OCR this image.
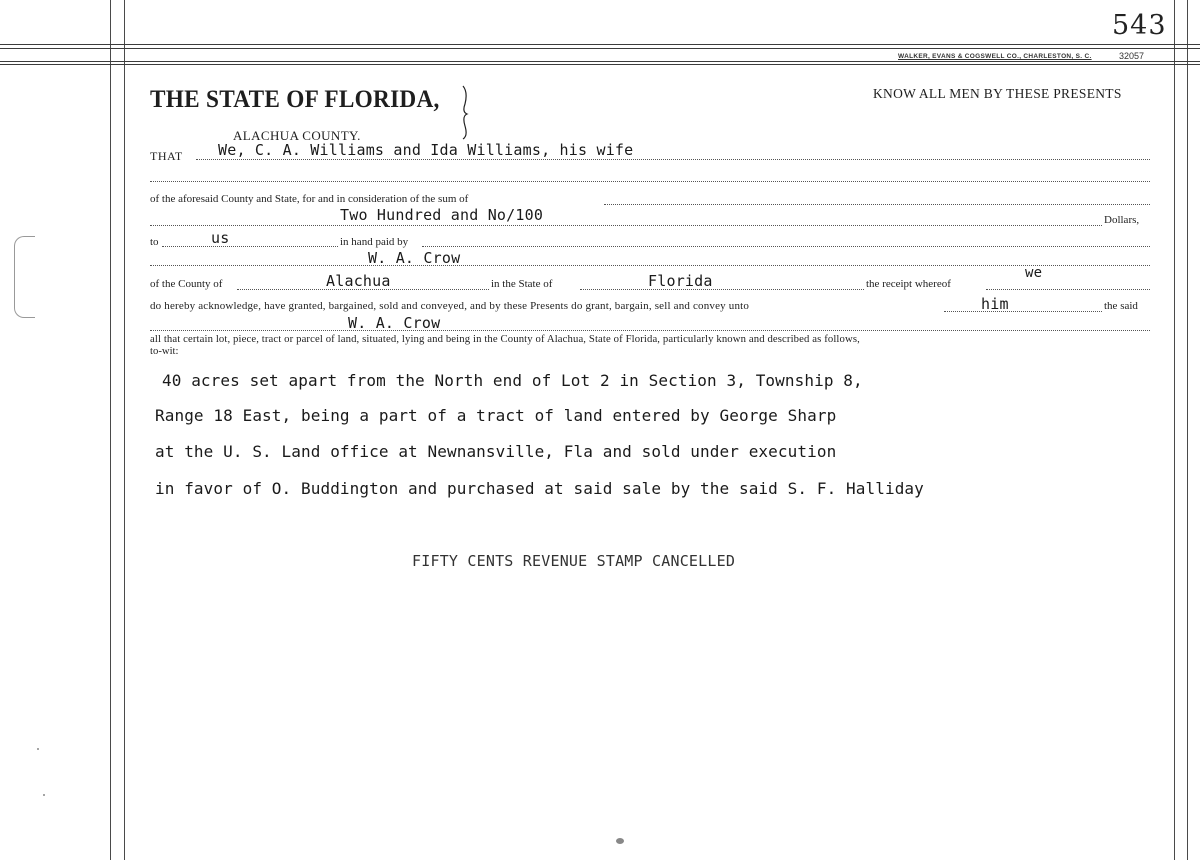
543
WALKER, EVANS & COGSWELL CO., CHARLESTON, S. C.	32057
THE STATE OF FLORIDA,	KNOW ALL MEN BY THESE PRESENTS
ALACHUA COUNTY.
THAT We, C. A. Williams and Ida Williams, his wife
of the aforesaid County and State, for and in consideration of the sum of
Two Hundred and No/100	Dollars,
to	us	in hand paid by
W. A. Crow
of the County of	Alachua	in the State of	Florida	the receipt whereof
we
do hereby acknowledge, have granted, bargained, sold and conveyed, and by these Presents do grant, bargain, sell and convey unto	him	the said
W. A. Crow
all that certain lot, piece, tract or parcel of land, situated, lying and being in the County of Alachua, State of Florida, particularly known and described as follows,
to-wit:
40 acres set apart from the North end of Lot 2 in Section 3, Township 8,
Range 18 East, being a part of a tract of land entered by George Sharp
at the U. S. Land office at Newnansville, Fla and sold under execution
in favor of O. Buddington and purchased at said sale by the said S. F. Halliday
FIFTY CENTS REVENUE STAMP CANCELLED
